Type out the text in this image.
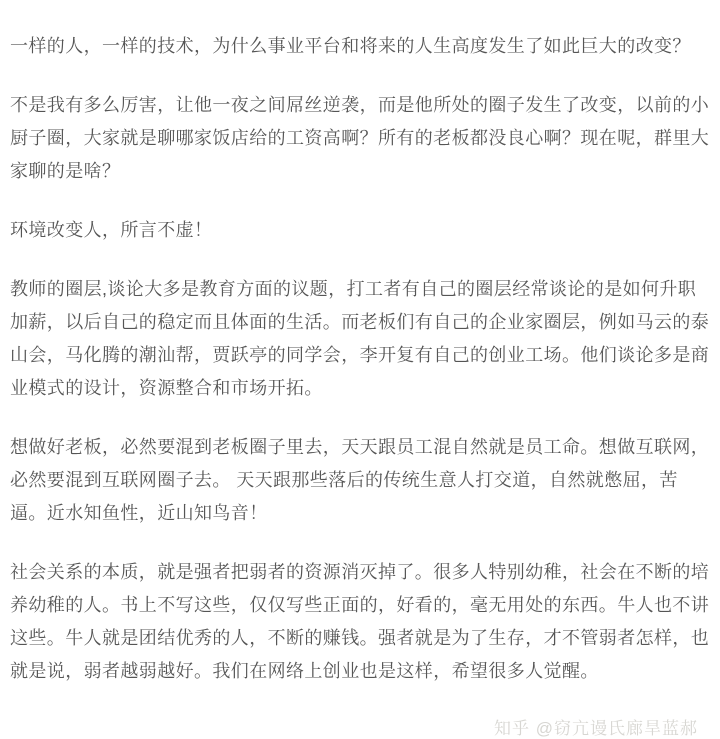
一样的人，一样的技术，为什么事业平台和将来的人生高度发生了如此巨大的改变？

不是我有多么厉害，让他一夜之间屌丝逆袭，而是他所处的圈子发生了改变，以前的小厨子圈，大家就是聊哪家饭店给的工资高啊？所有的老板都没良心啊？现在呢，群里大家聊的是啥？

环境改变人，所言不虚！

教师的圈层,谈论大多是教育方面的议题，打工者有自己的圈层经常谈论的是如何升职加薪，以后自己的稳定而且体面的生活。而老板们有自己的企业家圈层，例如马云的泰山会，马化腾的潮汕帮，贾跃亭的同学会，李开复有自己的创业工场。他们谈论多是商业模式的设计，资源整合和市场开拓。

想做好老板，必然要混到老板圈子里去，天天跟员工混自然就是员工命。想做互联网，必然要混到互联网圈子去。 天天跟那些落后的传统生意人打交道，自然就憋屈，苦逼。近水知鱼性，近山知鸟音！

社会关系的本质，就是强者把弱者的资源消灭掉了。很多人特别幼稚，社会在不断的培养幼稚的人。书上不写这些，仅仅写些正面的，好看的，毫无用处的东西。牛人也不讲这些。牛人就是团结优秀的人，不断的赚钱。强者就是为了生存，才不管弱者怎样，也就是说，弱者越弱越好。我们在网络上创业也是这样，希望很多人觉醒。

知乎 @窃亢谩氏廊旱蓝郝
